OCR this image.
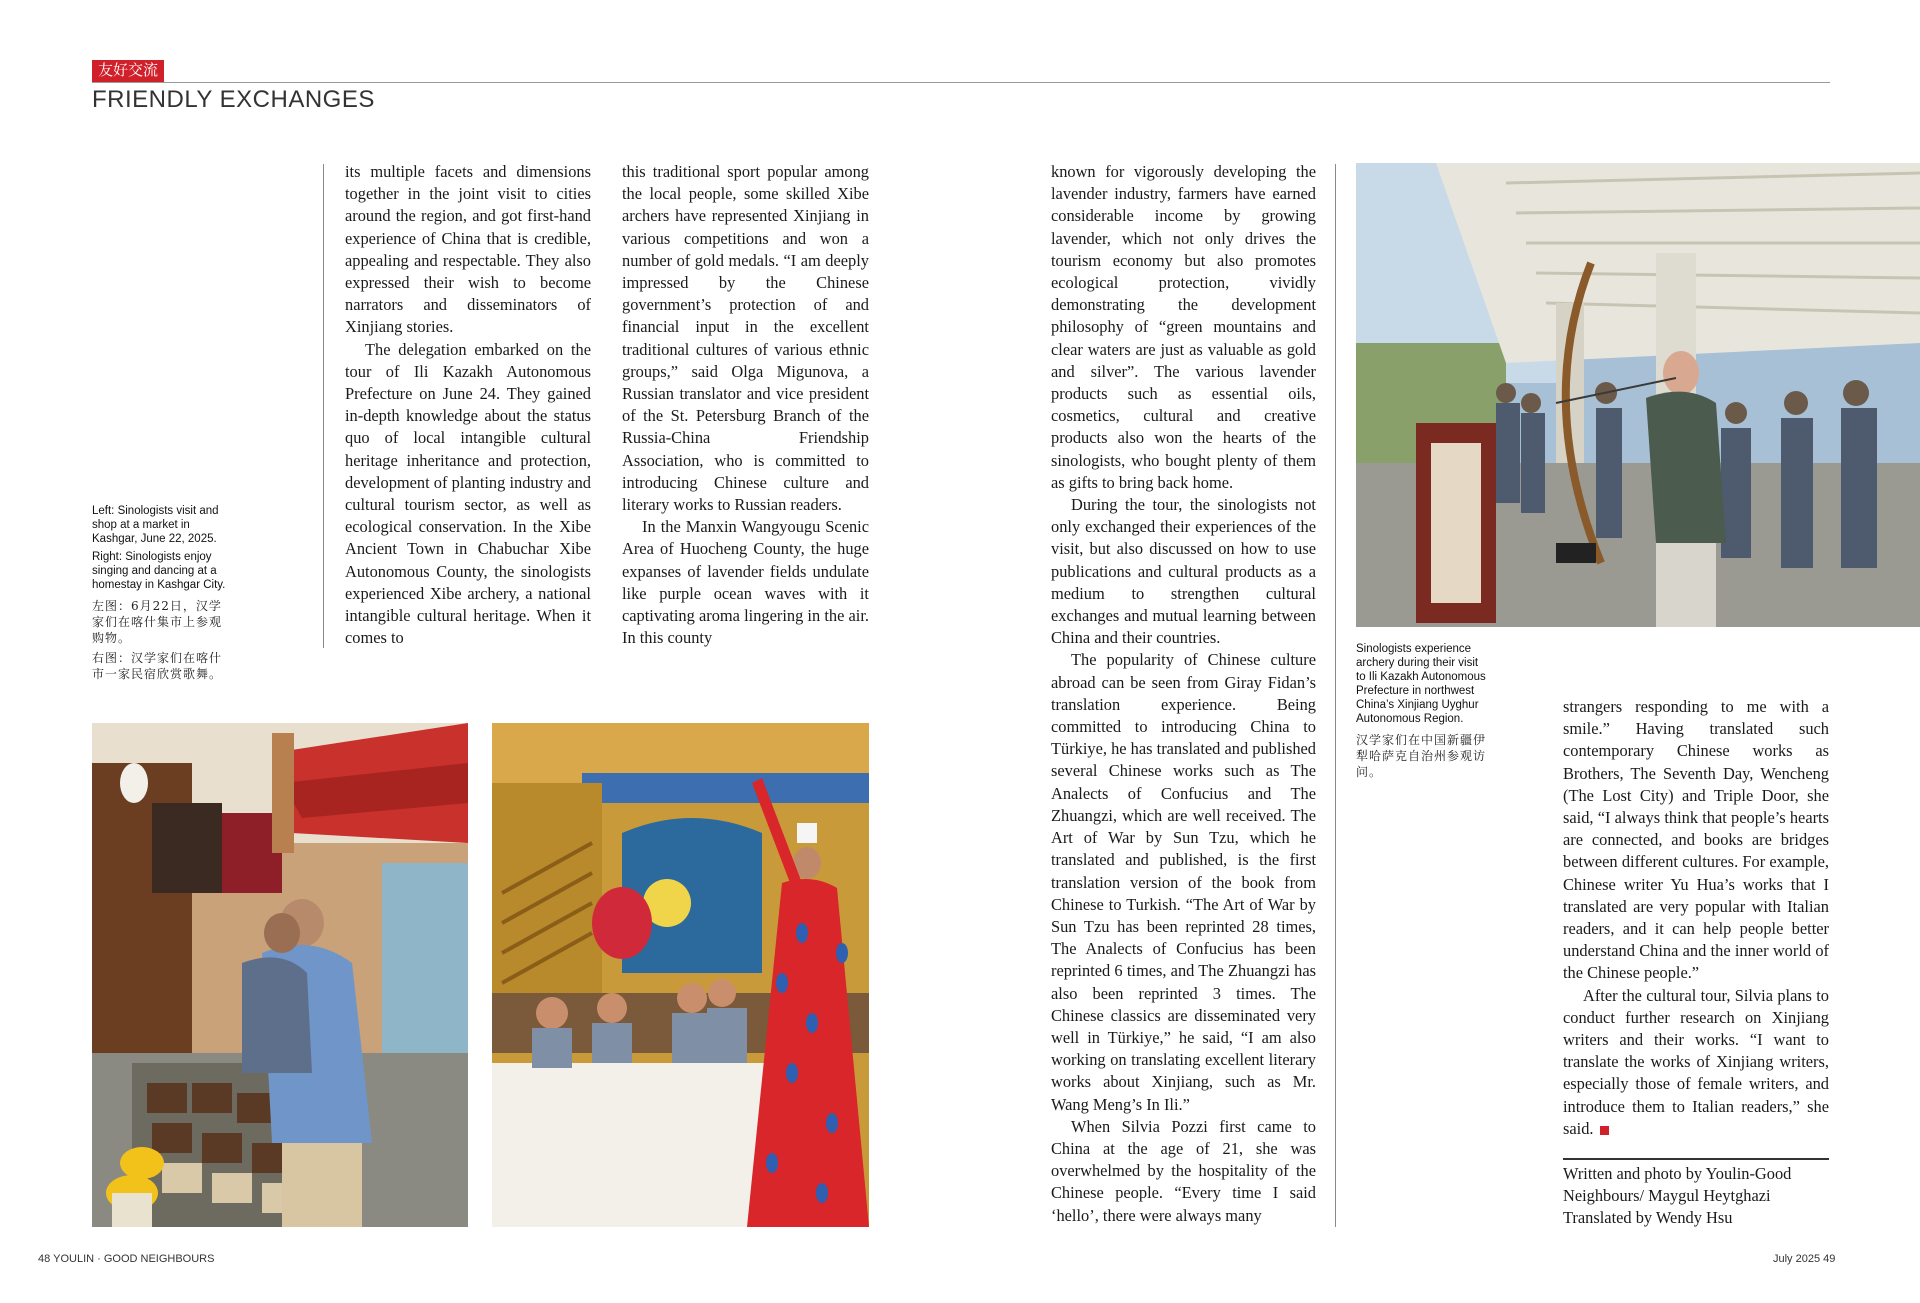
友好交流
FRIENDLY EXCHANGES
Left: Sinologists visit and shop at a market in Kashgar, June 22, 2025.
Right: Sinologists enjoy singing and dancing at a homestay in Kashgar City.
左图：6月22日，汉学家们在喀什集市上参观购物。
右图：汉学家们在喀什市一家民宿欣赏歌舞。

its multiple facets and dimensions together in the joint visit to cities around the region, and got first-hand experience of China that is credible, appealing and respectable. They also expressed their wish to become narrators and disseminators of Xinjiang stories.

The delegation embarked on the tour of Ili Kazakh Autonomous Prefecture on June 24. They gained in-depth knowledge about the status quo of local intangible cultural heritage inheritance and protection, development of planting industry and cultural tourism sector, as well as ecological conservation. In the Xibe Ancient Town in Chabuchar Xibe Autonomous County, the sinologists experienced Xibe archery, a national intangible cultural heritage. When it comes to

this traditional sport popular among the local people, some skilled Xibe archers have represented Xinjiang in various competitions and won a number of gold medals. “I am deeply impressed by the Chinese government’s protection of and financial input in the excellent traditional cultures of various ethnic groups,” said Olga Migunova, a Russian translator and vice president of the St. Petersburg Branch of the Russia-China Friendship Association, who is committed to introducing Chinese culture and literary works to Russian readers.

In the Manxin Wangyougu Scenic Area of Huocheng County, the huge expanses of lavender fields undulate like purple ocean waves with it captivating aroma lingering in the air. In this county

known for vigorously developing the lavender industry, farmers have earned considerable income by growing lavender, which not only drives the tourism economy but also promotes ecological protection, vividly demonstrating the development philosophy of “green mountains and clear waters are just as valuable as gold and silver”. The various lavender products such as essential oils, cosmetics, cultural and creative products also won the hearts of the sinologists, who bought plenty of them as gifts to bring back home.

During the tour, the sinologists not only exchanged their experiences of the visit, but also discussed on how to use publications and cultural products as a medium to strengthen cultural exchanges and mutual learning between China and their countries.

The popularity of Chinese culture abroad can be seen from Giray Fidan’s translation experience. Being committed to introducing China to Türkiye, he has translated and published several Chinese works such as The Analects of Confucius and The Zhuangzi, which are well received. The Art of War by Sun Tzu, which he translated and published, is the first translation version of the book from Chinese to Turkish. “The Art of War by Sun Tzu has been reprinted 28 times, The Analects of Confucius has been reprinted 6 times, and The Zhuangzi has also been reprinted 3 times. The Chinese classics are disseminated very well in Türkiye,” he said, “I am also working on translating excellent literary works about Xinjiang, such as Mr. Wang Meng’s In Ili.”

When Silvia Pozzi first came to China at the age of 21, she was overwhelmed by the hospitality of the Chinese people. “Every time I said ‘hello’, there were always many

Sinologists experience archery during their visit to Ili Kazakh Autonomous Prefecture in northwest China’s Xinjiang Uyghur Autonomous Region.
汉学家们在中国新疆伊犁哈萨克自治州参观访问。

strangers responding to me with a smile.” Having translated such contemporary Chinese works as Brothers, The Seventh Day, Wencheng (The Lost City) and Triple Door, she said, “I always think that people’s hearts are connected, and books are bridges between different cultures. For example, Chinese writer Yu Hua’s works that I translated are very popular with Italian readers, and it can help people better understand China and the inner world of the Chinese people.”

After the cultural tour, Silvia plans to conduct further research on Xinjiang writers and their works. “I want to translate the works of Xinjiang writers, especially those of female writers, and introduce them to Italian readers,” she said.

Written and photo by Youlin-Good Neighbours/ Maygul Heytghazi
Translated by Wendy Hsu
48 YOULIN · GOOD NEIGHBOURS	July 2025 49
